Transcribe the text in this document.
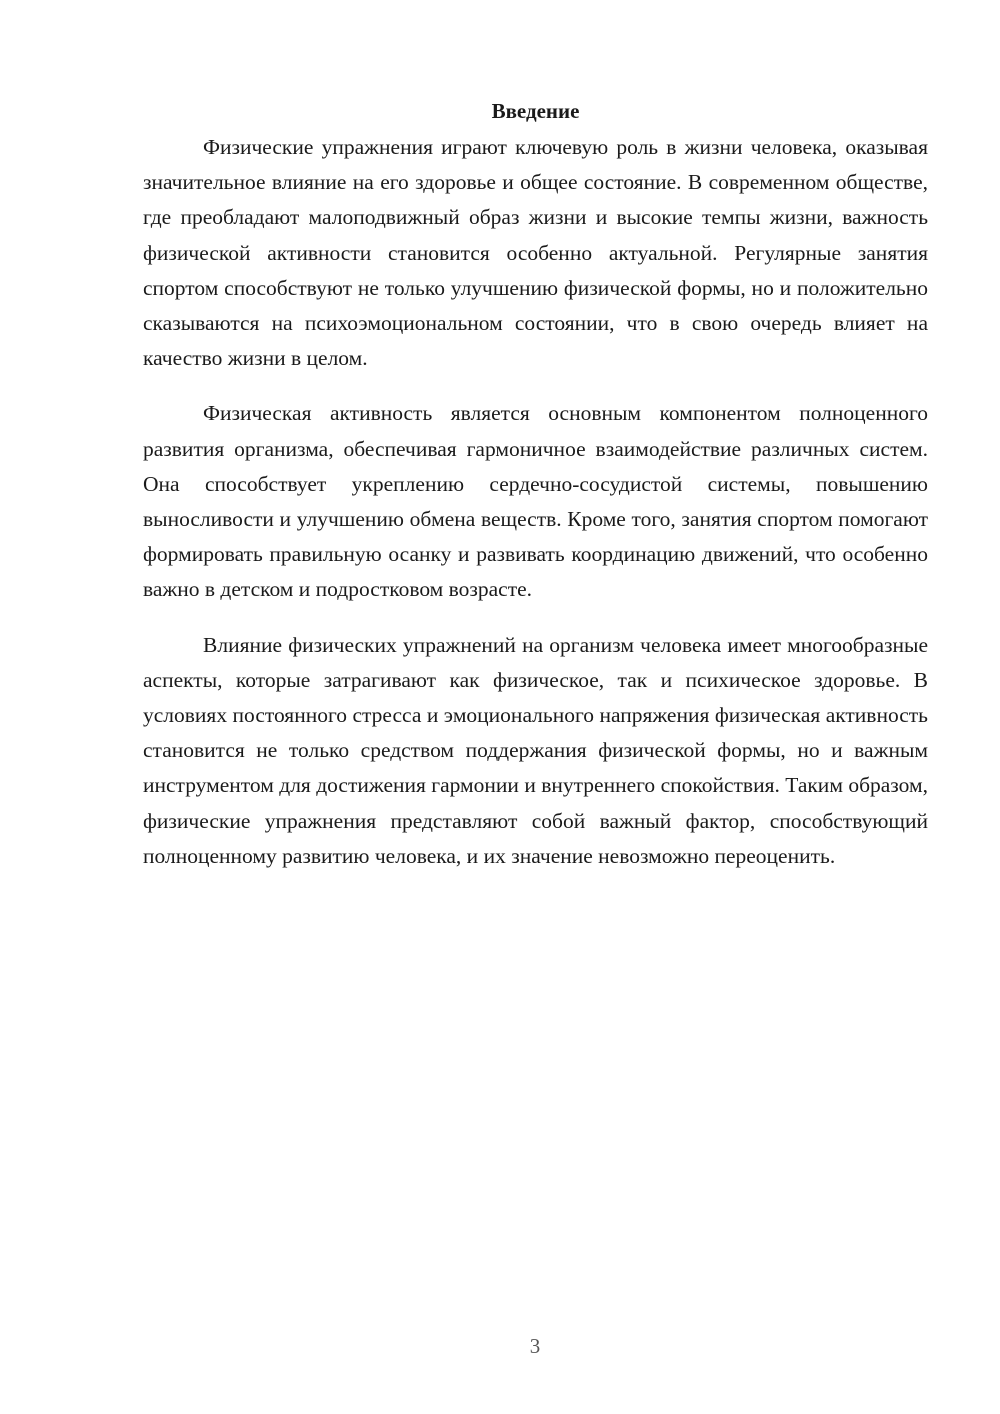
Введение

Физические упражнения играют ключевую роль в жизни человека, оказывая значительное влияние на его здоровье и общее состояние. В современном обществе, где преобладают малоподвижный образ жизни и высокие темпы жизни, важность физической активности становится особенно актуальной. Регулярные занятия спортом способствуют не только улучшению физической формы, но и положительно сказываются на психоэмоциональном состоянии, что в свою очередь влияет на качество жизни в целом.

Физическая активность является основным компонентом полноценного развития организма, обеспечивая гармоничное взаимодействие различных систем. Она способствует укреплению сердечно-сосудистой системы, повышению выносливости и улучшению обмена веществ. Кроме того, занятия спортом помогают формировать правильную осанку и развивать координацию движений, что особенно важно в детском и подростковом возрасте.

Влияние физических упражнений на организм человека имеет многообразные аспекты, которые затрагивают как физическое, так и психическое здоровье. В условиях постоянного стресса и эмоционального напряжения физическая активность становится не только средством поддержания физической формы, но и важным инструментом для достижения гармонии и внутреннего спокойствия. Таким образом, физические упражнения представляют собой важный фактор, способствующий полноценному развитию человека, и их значение невозможно переоценить.

3
